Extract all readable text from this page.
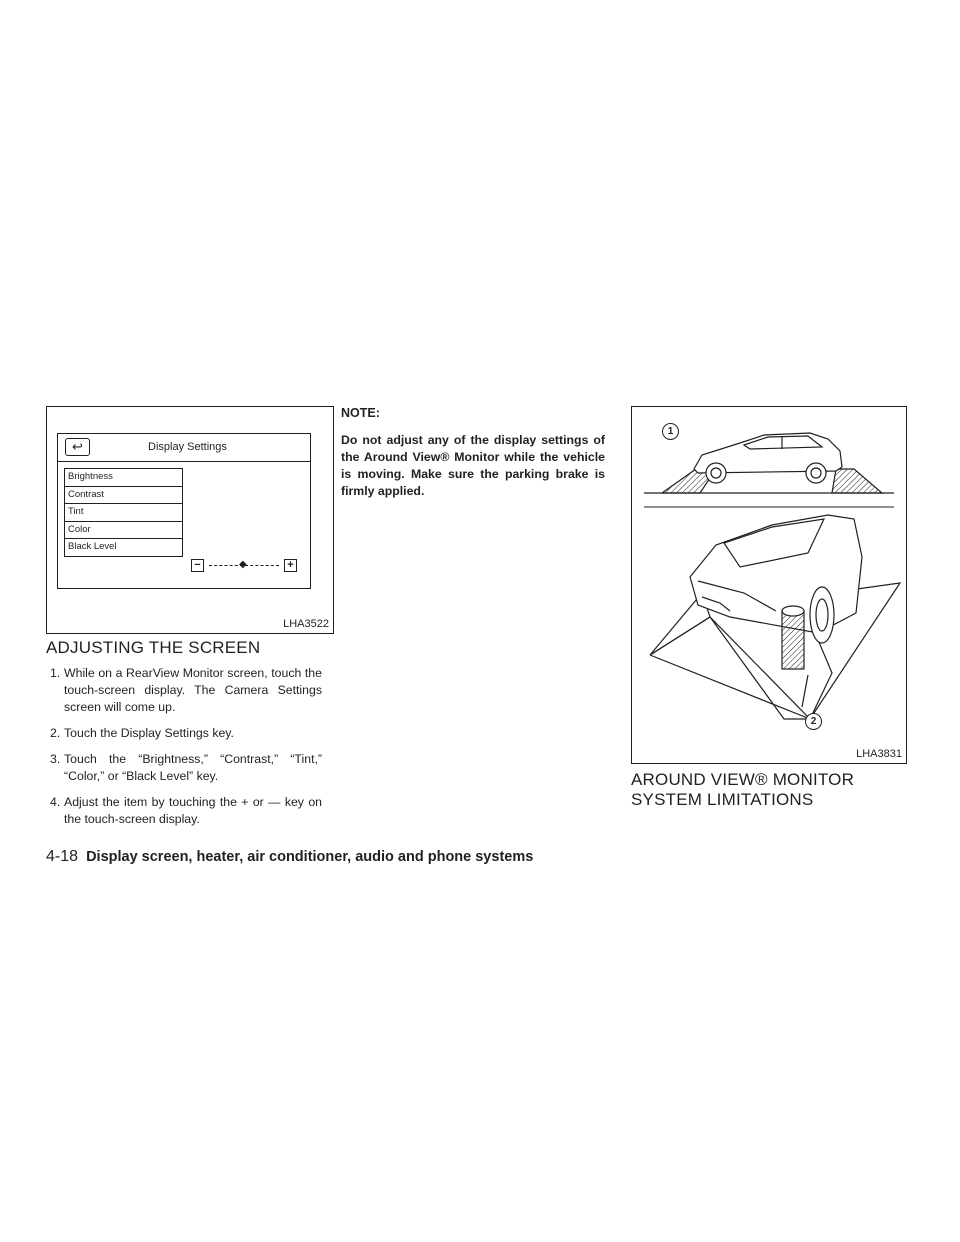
↩	Display Settings
Brightness
Contrast
Tint
Color
Black Level
−	◆	+
LHA3522
ADJUSTING THE SCREEN
1. While on a RearView Monitor screen, touch the touch-screen display. The Camera Settings screen will come up.
2. Touch the Display Settings key.
3. Touch the “Brightness,” “Contrast,” “Tint,” “Color,” or “Black Level” key.
4. Adjust the item by touching the + or — key on the touch-screen display.

NOTE:

Do not adjust any of the display settings of the Around View® Monitor while the vehicle is moving. Make sure the parking brake is firmly applied.

1
2
LHA3831
AROUND VIEW® MONITOR
SYSTEM LIMITATIONS
4-18 Display screen, heater, air conditioner, audio and phone systems
